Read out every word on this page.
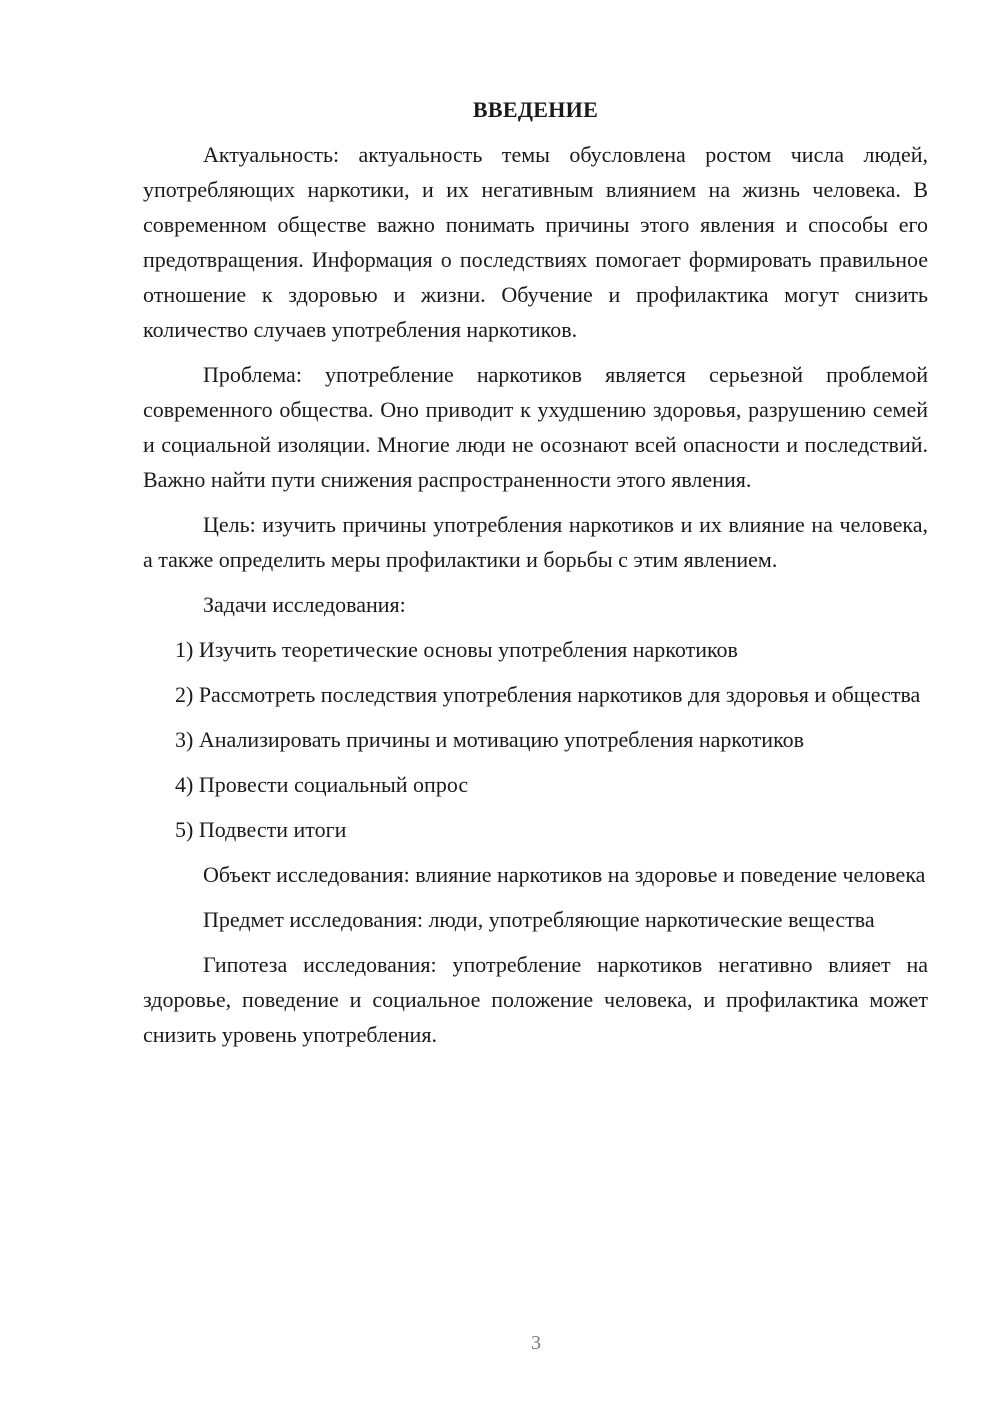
ВВЕДЕНИЕ

Актуальность: актуальность темы обусловлена ростом числа людей, употребляющих наркотики, и их негативным влиянием на жизнь человека. В современном обществе важно понимать причины этого явления и способы его предотвращения. Информация о последствиях помогает формировать правильное отношение к здоровью и жизни. Обучение и профилактика могут снизить количество случаев употребления наркотиков.

Проблема: употребление наркотиков является серьезной проблемой современного общества. Оно приводит к ухудшению здоровья, разрушению семей и социальной изоляции. Многие люди не осознают всей опасности и последствий. Важно найти пути снижения распространенности этого явления.

Цель: изучить причины употребления наркотиков и их влияние на человека, а также определить меры профилактики и борьбы с этим явлением.

Задачи исследования:

1) Изучить теоретические основы употребления наркотиков

2) Рассмотреть последствия употребления наркотиков для здоровья и общества

3) Анализировать причины и мотивацию употребления наркотиков

4) Провести социальный опрос

5) Подвести итоги

Объект исследования: влияние наркотиков на здоровье и поведение человека

Предмет исследования: люди, употребляющие наркотические вещества

Гипотеза исследования: употребление наркотиков негативно влияет на здоровье, поведение и социальное положение человека, и профилактика может снизить уровень употребления.

3
